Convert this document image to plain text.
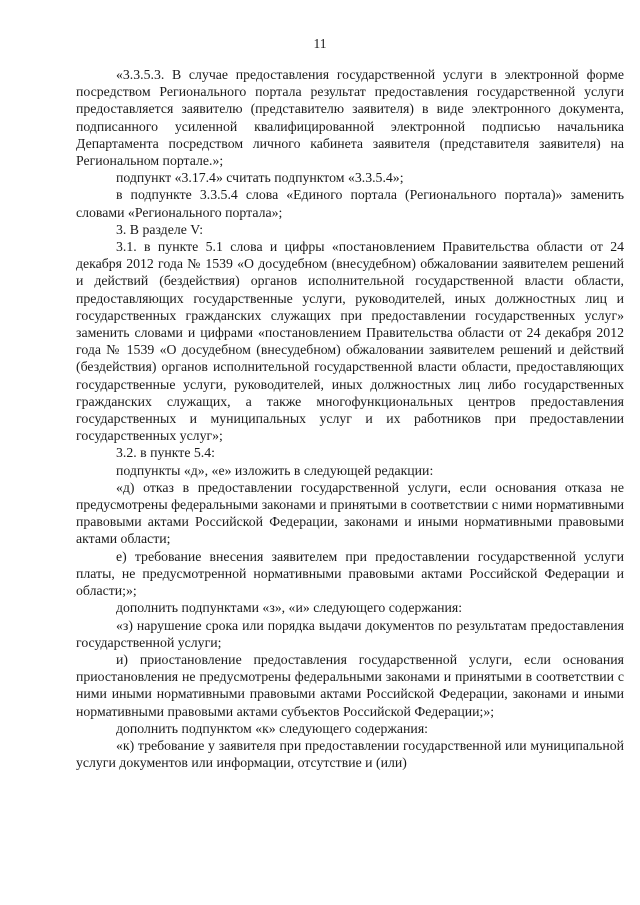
11

«3.3.5.3. В случае предоставления государственной услуги в электронной форме посредством Регионального портала результат предоставления государственной услуги предоставляется заявителю (представителю заявителя) в виде электронного документа, подписанного усиленной квалифицированной электронной подписью начальника Департамента посредством личного кабинета заявителя (представителя заявителя) на Региональном портале.»;

подпункт «3.17.4» считать подпунктом «3.3.5.4»;

в подпункте 3.3.5.4 слова «Единого портала (Регионального портала)» заменить словами «Регионального портала»;

3. В разделе V:

3.1. в пункте 5.1 слова и цифры «постановлением Правительства области от 24 декабря 2012 года № 1539 «О досудебном (внесудебном) обжаловании заявителем решений и действий (бездействия) органов исполнительной государственной власти области, предоставляющих государственные услуги, руководителей, иных должностных лиц и государственных гражданских служащих при предоставлении государственных услуг» заменить словами и цифрами «постановлением Правительства области от 24 декабря 2012 года № 1539 «О досудебном (внесудебном) обжаловании заявителем решений и действий (бездействия) органов исполнительной государственной власти области, предоставляющих государственные услуги, руководителей, иных должностных лиц либо государственных гражданских служащих, а также многофункциональных центров предоставления государственных и муниципальных услуг и их работников при предоставлении государственных услуг»;

3.2. в пункте 5.4:

подпункты «д», «е» изложить в следующей редакции:

«д) отказ в предоставлении государственной услуги, если основания отказа не предусмотрены федеральными законами и принятыми в соответствии с ними нормативными правовыми актами Российской Федерации, законами и иными нормативными правовыми актами области;

е) требование внесения заявителем при предоставлении государственной услуги платы, не предусмотренной нормативными правовыми актами Российской Федерации и области;»;

дополнить подпунктами «з», «и» следующего содержания:

«з) нарушение срока или порядка выдачи документов по результатам предоставления государственной услуги;

и) приостановление предоставления государственной услуги, если основания приостановления не предусмотрены федеральными законами и принятыми в соответствии с ними иными нормативными правовыми актами Российской Федерации, законами и иными нормативными правовыми актами субъектов Российской Федерации;»;

дополнить подпунктом «к» следующего содержания:

«к) требование у заявителя при предоставлении государственной или муниципальной услуги документов или информации, отсутствие и (или)
